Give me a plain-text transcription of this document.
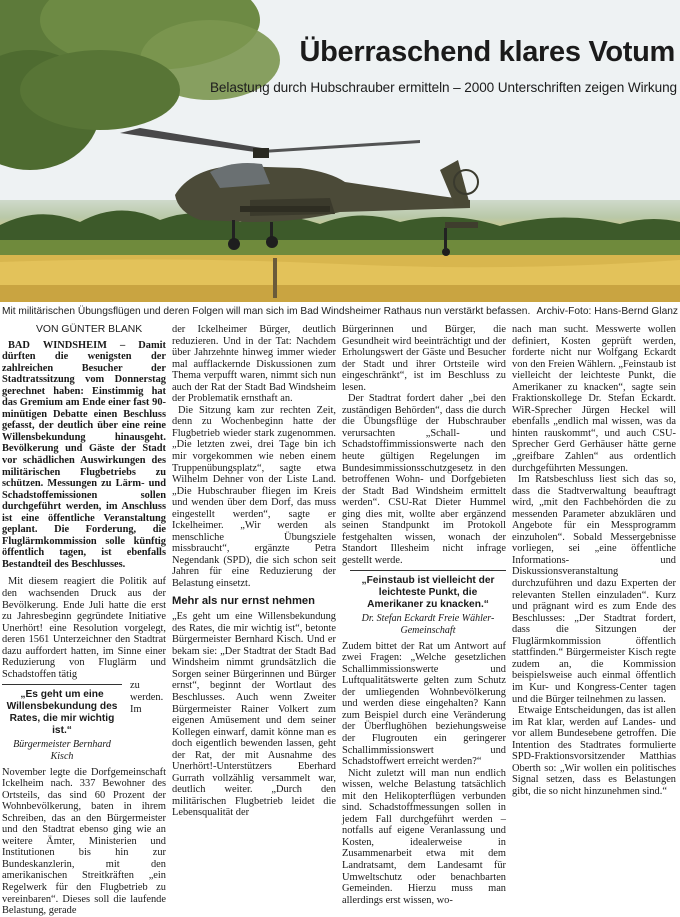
Überraschend klares Votum
Belastung durch Hubschrauber ermitteln – 2000 Unterschriften zeigen Wirkung
Mit militärischen Übungsflügen und deren Folgen will man sich im Bad Windsheimer Rathaus nun verstärkt befassen. Archiv-Foto: Hans-Bernd Glanz

VON GÜNTER BLANK

BAD WINDSHEIM – Damit dürften die wenigsten der zahlreichen Besucher der Stadtratssitzung vom Donnerstag gerechnet haben: Einstimmig hat das Gremium am Ende einer fast 90-minütigen Debatte einen Beschluss gefasst, der deutlich über eine reine Willensbekundung hinausgeht. Bevölkerung und Gäste der Stadt vor schädlichen Auswirkungen des militärischen Flugbetriebs zu schützen. Messungen zu Lärm- und Schadstoffemissionen sollen durchgeführt werden, im Anschluss ist eine öffentliche Veranstaltung geplant. Die Forderung, die Fluglärmkommission solle künftig öffentlich tagen, ist ebenfalls Bestandteil des Beschlusses.

Mit diesem reagiert die Politik auf den wachsenden Druck aus der Bevölkerung. Ende Juli hatte die erst zu Jahresbeginn gegründete Initiative Unerhört! eine Resolution vorgelegt, deren 1561 Unterzeichner den Stadtrat dazu auffordert hatten, im Sinne einer Reduzierung von Fluglärm und Schadstoffen tätig

„Es geht um eine Willensbekundung des Rates, die mir wichtig ist.“
Bürgermeister Bernhard Kisch

zu werden. Im November legte die Dorfgemeinschaft Ickelheim nach. 337 Bewohner des Ortsteils, das sind 60 Prozent der Wohnbevölkerung, baten in ihrem Schreiben, das an den Bürgermeister und den Stadtrat ebenso ging wie an weitere Ämter, Ministerien und Institutionen bis hin zur Bundeskanzlerin, mit den amerikanischen Streitkräften „ein Regelwerk für den Flugbetrieb zu vereinbaren“. Dieses soll die laufende Belastung, gerade

der Ickelheimer Bürger, deutlich reduzieren. Und in der Tat: Nachdem über Jahrzehnte hinweg immer wieder mal aufflackernde Diskussionen zum Thema verpufft waren, nimmt sich nun auch der Rat der Stadt Bad Windsheim der Problematik ernsthaft an.

Die Sitzung kam zur rechten Zeit, denn zu Wochenbeginn hatte der Flugbetrieb wieder stark zugenommen. „Die letzten zwei, drei Tage bin ich mir vorgekommen wie neben einem Truppenübungsplatz“, sagte etwa Wilhelm Dehner von der Liste Land. „Die Hubschrauber fliegen im Kreis und wenden über dem Dorf, das muss eingestellt werden“, sagte er Ickelheimer. „Wir werden als menschliche Übungsziele missbraucht“, ergänzte Petra Negendank (SPD), die sich schon seit Jahren für eine Reduzierung der Belastung einsetzt.

Mehr als nur ernst nehmen

„Es geht um eine Willensbekundung des Rates, die mir wichtig ist“, betonte Bürgermeister Bernhard Kisch. Und er bekam sie: „Der Stadtrat der Stadt Bad Windsheim nimmt grundsätzlich die Sorgen seiner Bürgerinnen und Bürger ernst“, beginnt der Wortlaut des Beschlusses. Auch wenn Zweiter Bürgermeister Rainer Volkert zum eigenen Amüsement und dem seiner Kollegen einwarf, damit könne man es doch eigentlich bewenden lassen, geht der Rat, der mit Ausnahme des Unerhört!-Unterstützers Eberhard Gurrath vollzählig versammelt war, deutlich weiter. „Durch den militärischen Flugbetrieb leidet die Lebensqualität der

Bürgerinnen und Bürger, die Gesundheit wird beeinträchtigt und der Erholungswert der Gäste und Besucher der Stadt und ihrer Ortsteile wird eingeschränkt“, ist im Beschluss zu lesen.

Der Stadtrat fordert daher „bei den zuständigen Behörden“, dass die durch die Übungsflüge der Hubschrauber verursachten „Schall- und Schadstoffimmissionswerte nach den heute gültigen Regelungen im Bundesimmissionsschutzgesetz in den betroffenen Wohn- und Dorfgebieten der Stadt Bad Windsheim ermittelt werden“. CSU-Rat Dieter Hummel ging dies mit, wollte aber ergänzend seinen Standpunkt im Protokoll festgehalten wissen, wonach der Standort Illesheim nicht infrage gestellt werde.

„Feinstaub ist vielleicht der leichteste Punkt, die Amerikaner zu knacken.“
Dr. Stefan Eckardt Freie Wähler-Gemeinschaft

Zudem bittet der Rat um Antwort auf zwei Fragen: „Welche gesetzlichen Schallimmissionswerte und Luftqualitätswerte gelten zum Schutz der umliegenden Wohnbevölkerung und werden diese eingehalten? Kann zum Beispiel durch eine Veränderung der Überflughöhen beziehungsweise der Flugrouten ein geringerer Schallimmissionswert und Schadstoffwert erreicht werden?“

Nicht zuletzt will man nun endlich wissen, welche Belastung tatsächlich mit den Helikopterflügen verbunden sind. Schadstoffmessungen sollen in jedem Fall durchgeführt werden – notfalls auf eigene Veranlassung und Kosten, idealerweise in Zusammenarbeit etwa mit dem Landratsamt, dem Landesamt für Umweltschutz oder benachbarten Gemeinden. Hierzu muss man allerdings erst wissen, wo-

nach man sucht. Messwerte wollen definiert, Kosten geprüft werden, forderte nicht nur Wolfgang Eckardt von den Freien Wählern. „Feinstaub ist vielleicht der leichteste Punkt, die Amerikaner zu knacken“, sagte sein Fraktionskollege Dr. Stefan Eckardt. WiR-Sprecher Jürgen Heckel will ebenfalls „endlich mal wissen, was da hinten rauskommt“, und auch CSU-Sprecher Gerd Gerhäuser hätte gerne „greifbare Zahlen“ aus ordentlich durchgeführten Messungen.

Im Ratsbeschluss liest sich das so, dass die Stadtverwaltung beauftragt wird, „mit den Fachbehörden die zu messenden Parameter abzuklären und Angebote für ein Messprogramm einzuholen“. Sobald Messergebnisse vorliegen, sei „eine öffentliche Informations- und Diskussionsveranstaltung durchzuführen und dazu Experten der relevanten Stellen einzuladen“. Kurz und prägnant wird es zum Ende des Beschlusses: „Der Stadtrat fordert, dass die Sitzungen der Fluglärmkommission öffentlich stattfinden.“ Bürgermeister Kisch regte zudem an, die Kommission beispielsweise auch einmal öffentlich im Kur- und Kongress-Center tagen und die Bürger teilnehmen zu lassen.

Etwaige Entscheidungen, das ist allen im Rat klar, werden auf Landes- und vor allem Bundesebene getroffen. Die Intention des Stadtrates formulierte SPD-Fraktionsvorsitzender Matthias Oberth so: „Wir wollen ein politisches Signal setzen, dass es Belastungen gibt, die so nicht hinzunehmen sind.“
